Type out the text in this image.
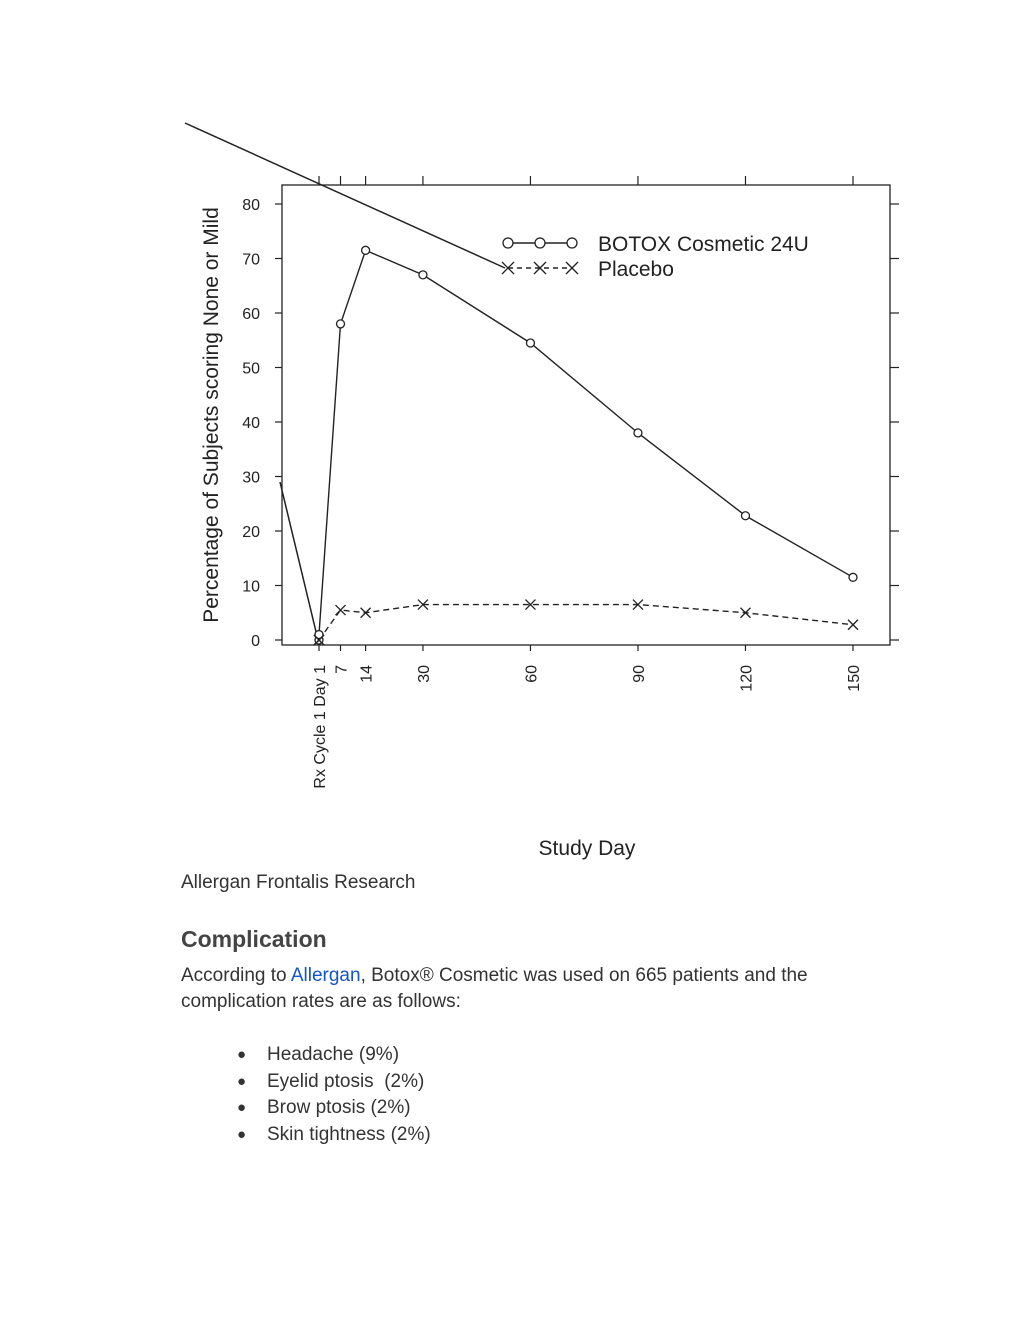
0
10
20
30
40
50
60
70
80
Rx Cycle 1 Day 1 7 14	30	60	90	120	150
Percentage of Subjects scoring None or Mild
Study Day
BOTOX Cosmetic 24U
Placebo
Allergan Frontalis Research
Complication

According to Allergan, Botox® Cosmetic was used on 665 patients and the complication rates are as follows:

● Headache (9%)
● Eyelid ptosis  (2%)
● Brow ptosis (2%)
● Skin tightness (2%)
